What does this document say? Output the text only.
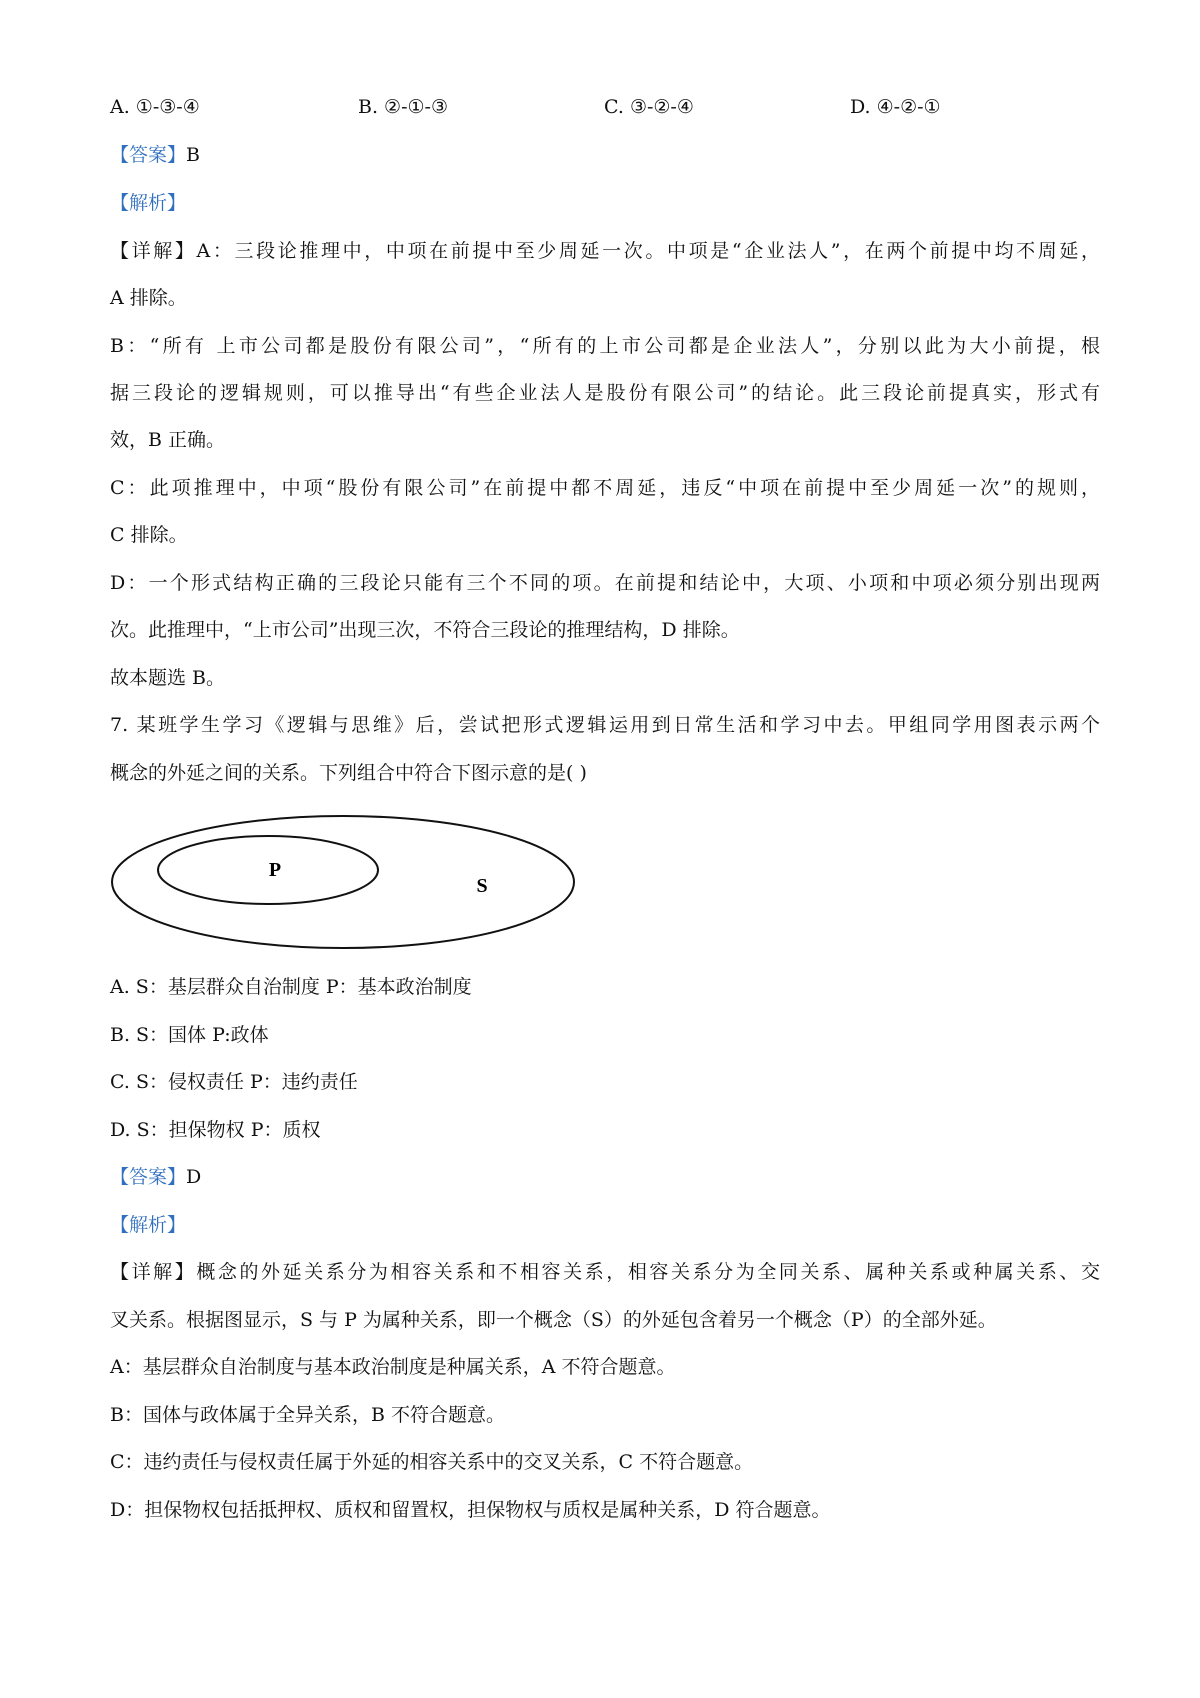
A. ①-③-④	B. ②-①-③	C. ③-②-④	D. ④-②-①
【答案】B
【解析】
【详解】A：三段论推理中，中项在前提中至少周延一次。中项是“企业法人”，在两个前提中均不周延，
A 排除。
B：“所有 上市公司都是股份有限公司”，“所有的上市公司都是企业法人”，分别以此为大小前提，根
据三段论的逻辑规则，可以推导出“有些企业法人是股份有限公司”的结论。此三段论前提真实，形式有
效，B 正确。
C：此项推理中，中项“股份有限公司”在前提中都不周延，违反“中项在前提中至少周延一次”的规则，
C 排除。
D：一个形式结构正确的三段论只能有三个不同的项。在前提和结论中，大项、小项和中项必须分别出现两
次。此推理中，“上市公司”出现三次，不符合三段论的推理结构，D 排除。
故本题选 B。
7. 某班学生学习《逻辑与思维》后，尝试把形式逻辑运用到日常生活和学习中去。甲组同学用图表示两个
概念的外延之间的关系。下列组合中符合下图示意的是( )
P
S
A. S：基层群众自治制度 P：基本政治制度
B. S：国体 P:政体
C. S：侵权责任 P：违约责任
D. S：担保物权 P：质权
【答案】D
【解析】
【详解】概念的外延关系分为相容关系和不相容关系，相容关系分为全同关系、属种关系或种属关系、交
叉关系。根据图显示，S 与 P 为属种关系，即一个概念（S）的外延包含着另一个概念（P）的全部外延。
A：基层群众自治制度与基本政治制度是种属关系，A 不符合题意。
B：国体与政体属于全异关系，B 不符合题意。
C：违约责任与侵权责任属于外延的相容关系中的交叉关系，C 不符合题意。
D：担保物权包括抵押权、质权和留置权，担保物权与质权是属种关系，D 符合题意。
